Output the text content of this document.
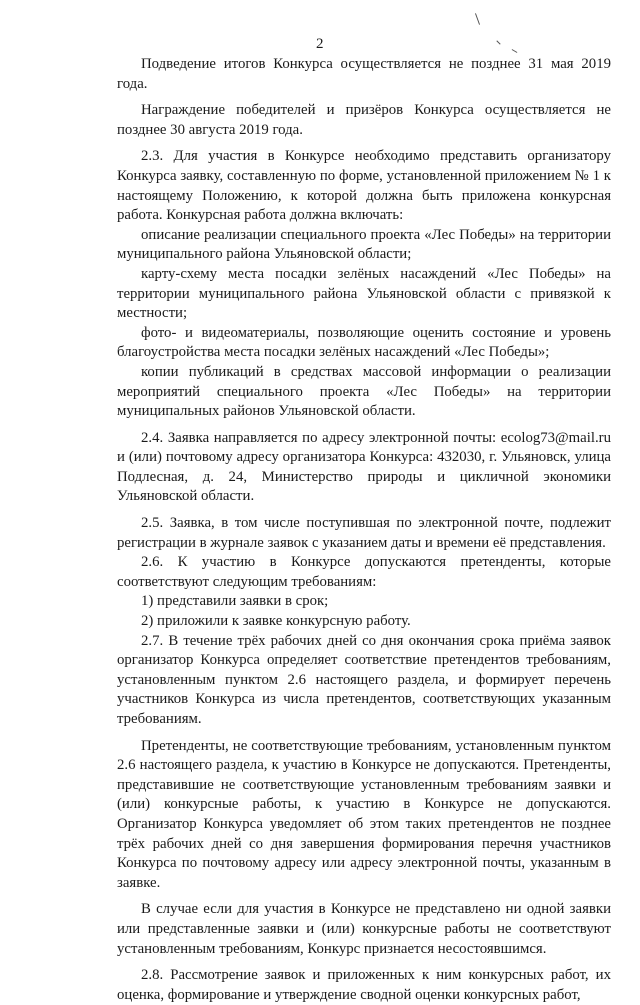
2

Подведение итогов Конкурса осуществляется не позднее 31 мая 2019 года.

Награждение победителей и призёров Конкурса осуществляется не позднее 30 августа 2019 года.

2.3. Для участия в Конкурсе необходимо представить организатору Конкурса заявку, составленную по форме, установленной приложением № 1 к настоящему Положению, к которой должна быть приложена конкурсная работа. Конкурсная работа должна включать:

описание реализации специального проекта «Лес Победы» на территории муниципального района Ульяновской области;

карту-схему места посадки зелёных насаждений «Лес Победы» на территории муниципального района Ульяновской области с привязкой к местности;

фото- и видеоматериалы, позволяющие оценить состояние и уровень благоустройства места посадки зелёных насаждений «Лес Победы»;

копии публикаций в средствах массовой информации о реализации мероприятий специального проекта «Лес Победы» на территории муниципальных районов Ульяновской области.

2.4. Заявка направляется по адресу электронной почты: ecolog73@mail.ru и (или) почтовому адресу организатора Конкурса: 432030, г. Ульяновск, улица Подлесная, д. 24, Министерство природы и цикличной экономики Ульяновской области.

2.5. Заявка, в том числе поступившая по электронной почте, подлежит регистрации в журнале заявок с указанием даты и времени её представления.

2.6. К участию в Конкурсе допускаются претенденты, которые соответствуют следующим требованиям:

1) представили заявки в срок;

2) приложили к заявке конкурсную работу.

2.7. В течение трёх рабочих дней со дня окончания срока приёма заявок организатор Конкурса определяет соответствие претендентов требованиям, установленным пунктом 2.6 настоящего раздела, и формирует перечень участников Конкурса из числа претендентов, соответствующих указанным требованиям.

Претенденты, не соответствующие требованиям, установленным пунктом 2.6 настоящего раздела, к участию в Конкурсе не допускаются. Претенденты, представившие не соответствующие установленным требованиям заявки и (или) конкурсные работы, к участию в Конкурсе не допускаются. Организатор Конкурса уведомляет об этом таких претендентов не позднее трёх рабочих дней со дня завершения формирования перечня участников Конкурса по почтовому адресу или адресу электронной почты, указанным в заявке.

В случае если для участия в Конкурсе не представлено ни одной заявки или представленные заявки и (или) конкурсные работы не соответствуют установленным требованиям, Конкурс признается несостоявшимся.

2.8. Рассмотрение заявок и приложенных к ним конкурсных работ, их оценка, формирование и утверждение сводной оценки конкурсных работ,
